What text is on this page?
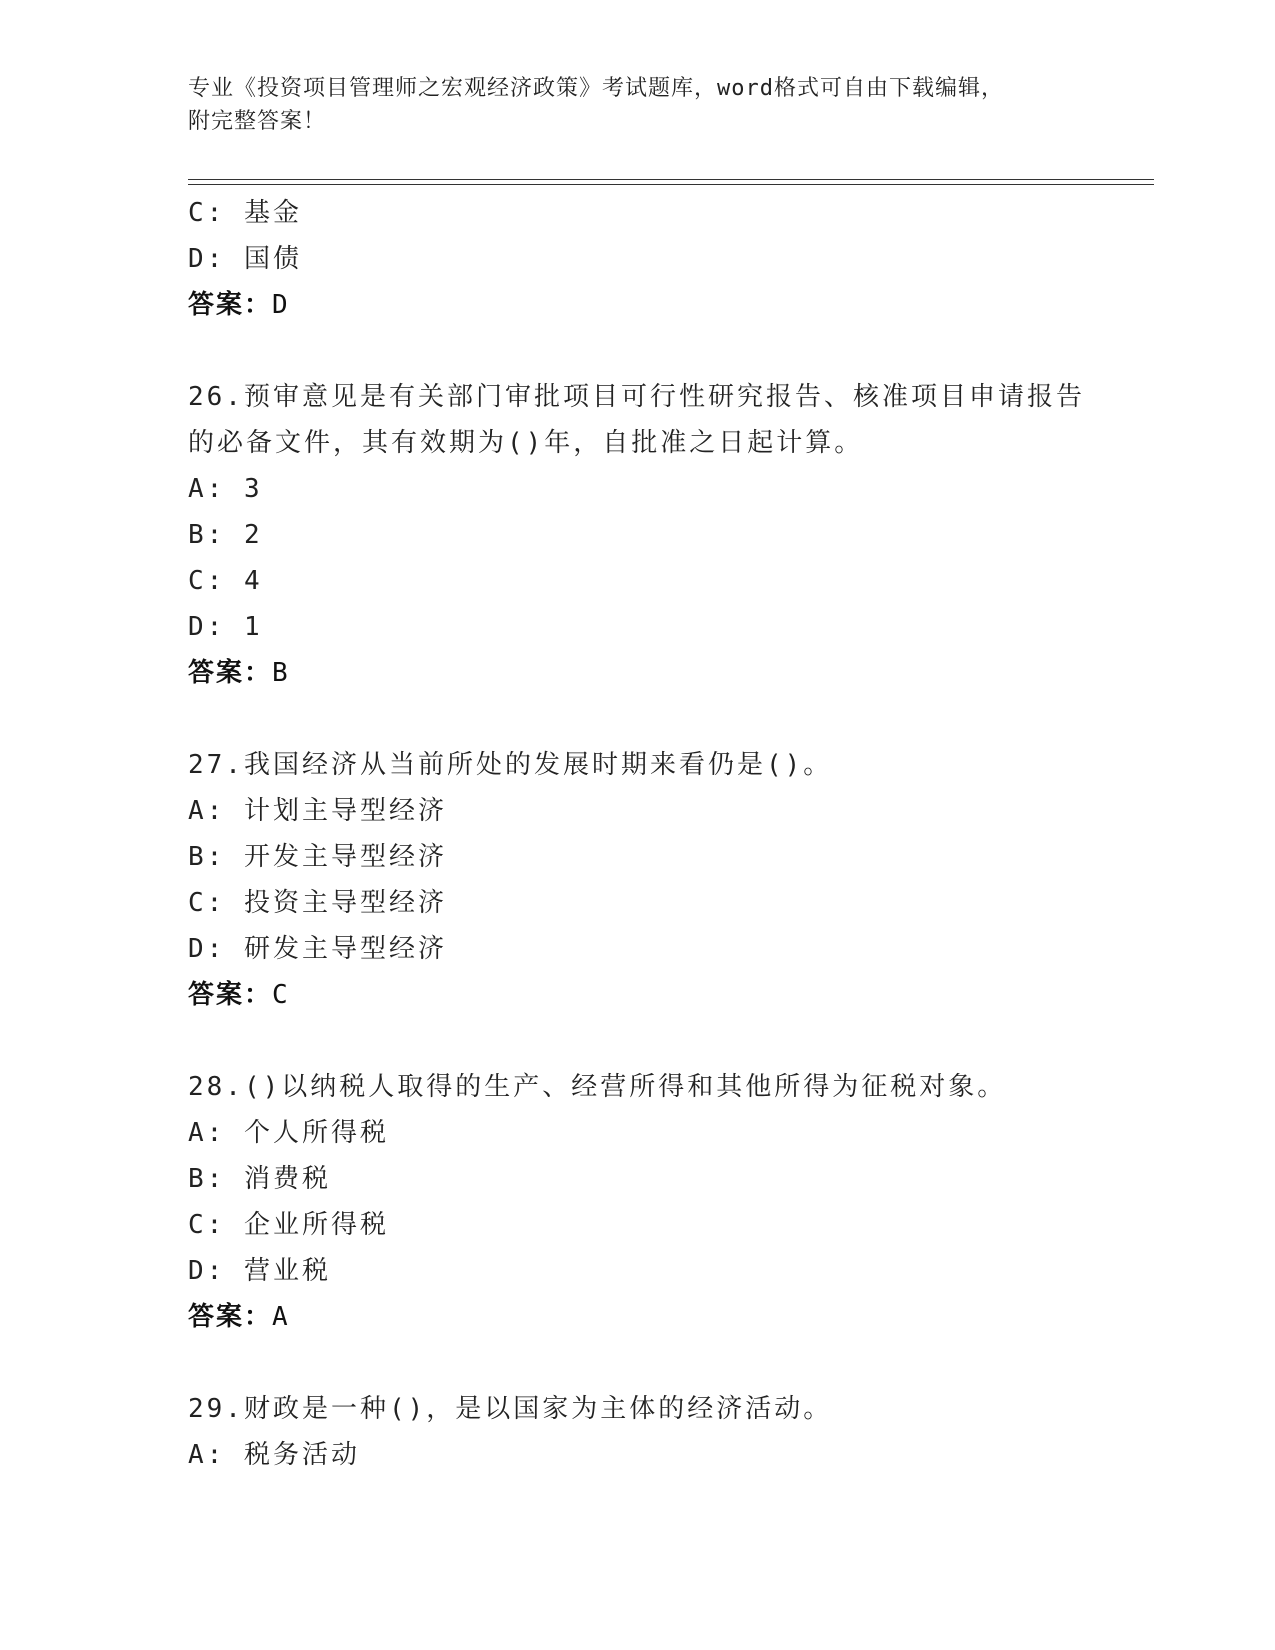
专业《投资项目管理师之宏观经济政策》考试题库，word格式可自由下载编辑，
附完整答案！
C: 基金
D: 国债
答案：D
26.预审意见是有关部门审批项目可行性研究报告、核准项目申请报告
的必备文件，其有效期为()年，自批准之日起计算。
A: 3
B: 2
C: 4
D: 1
答案：B
27.我国经济从当前所处的发展时期来看仍是()。
A: 计划主导型经济
B: 开发主导型经济
C: 投资主导型经济
D: 研发主导型经济
答案：C
28.()以纳税人取得的生产、经营所得和其他所得为征税对象。
A: 个人所得税
B: 消费税
C: 企业所得税
D: 营业税
答案：A
29.财政是一种()，是以国家为主体的经济活动。
A: 税务活动
